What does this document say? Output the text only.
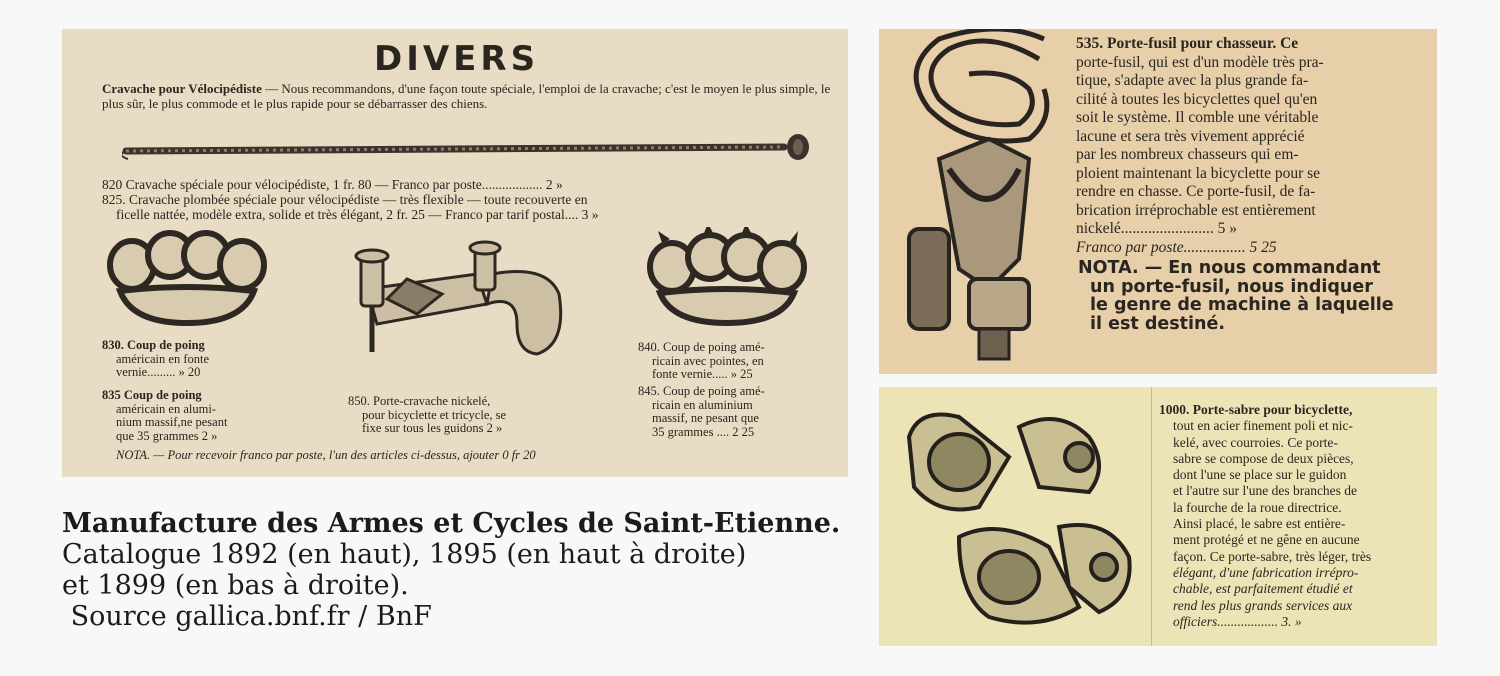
DIVERS
Cravache pour Vélocipédiste — Nous recommandons, d'une façon toute spéciale, l'emploi de la cravache; c'est le moyen le plus simple, le plus sûr, le plus commode et le plus rapide pour se débarrasser des chiens.
820 Cravache spéciale pour vélocipédiste, 1 fr. 80 — Franco par poste.................. 2 »
825. Cravache plombée spéciale pour vélocipédiste — très flexible — toute recouverte en
ficelle nattée, modèle extra, solide et très élégant, 2 fr. 25 — Franco par tarif postal.... 3 »
830. Coup de poing
américain en fonte
vernie......... » 20
835 Coup de poing
américain en alumi-
nium massif,ne pesant
que 35 grammes 2 »
850. Porte-cravache nickelé,
pour bicyclette et tricycle, se
fixe sur tous les guidons 2 »
840. Coup de poing amé-
ricain avec pointes, en
fonte vernie..... » 25
845. Coup de poing amé-
ricain en aluminium
massif, ne pesant que
35 grammes .... 2 25
NOTA. — Pour recevoir franco par poste, l'un des articles ci-dessus, ajouter 0 fr 20
535. Porte-fusil pour chasseur. Ce
porte-fusil, qui est d'un modèle très pra-
tique, s'adapte avec la plus grande fa-
cilité à toutes les bicyclettes quel qu'en
soit le système. Il comble une véritable
lacune et sera très vivement apprécié
par les nombreux chasseurs qui em-
ploient maintenant la bicyclette pour se
rendre en chasse. Ce porte-fusil, de fa-
brication irréprochable est entièrement
nickelé........................ 5 »
Franco par poste................ 5 25
NOTA. — En nous commandant
un porte-fusil, nous indiquer
le genre de machine à laquelle
il est destiné.
1000. Porte-sabre pour bicyclette,
tout en acier finement poli et nic-
kelé, avec courroies. Ce porte-
sabre se compose de deux pièces,
dont l'une se place sur le guidon
et l'autre sur l'une des branches de
la fourche de la roue directrice.
Ainsi placé, le sabre est entière-
ment protégé et ne gêne en aucune
façon. Ce porte-sabre, très léger, très
élégant, d'une fabrication irrépro-
chable, est parfaitement étudié et
rend les plus grands services aux
officiers.................. 3. »
Manufacture des Armes et Cycles de Saint-Etienne.
Catalogue 1892 (en haut), 1895 (en haut à droite)
et 1899 (en bas à droite).
Source gallica.bnf.fr / BnF
